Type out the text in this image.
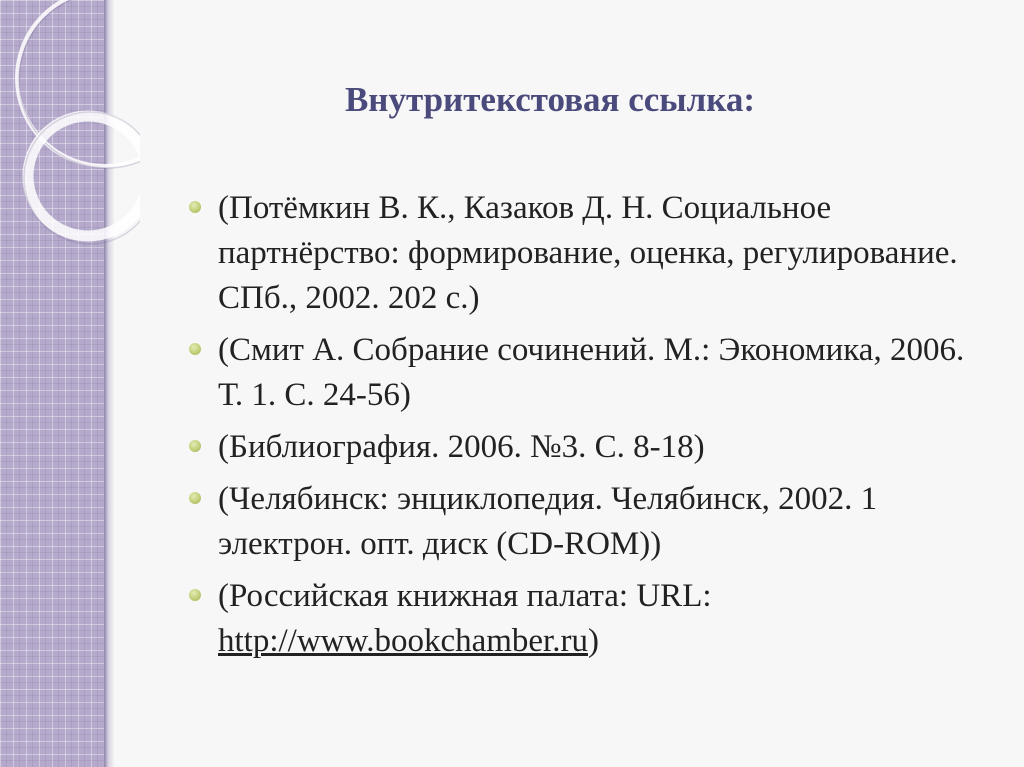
Внутритекстовая ссылка:
(Потёмкин В. К., Казаков Д. Н. Социальное партнёрство: формирование, оценка, регулирование. СПб., 2002. 202 с.)
(Смит А. Собрание сочинений. М.: Экономика, 2006. Т. 1. С. 24-56)
(Библиография. 2006. №3. С. 8-18)
(Челябинск: энциклопедия. Челябинск, 2002. 1 электрон. опт. диск (CD-ROM))
(Российская книжная палата: URL: http://www.bookchamber.ru)
